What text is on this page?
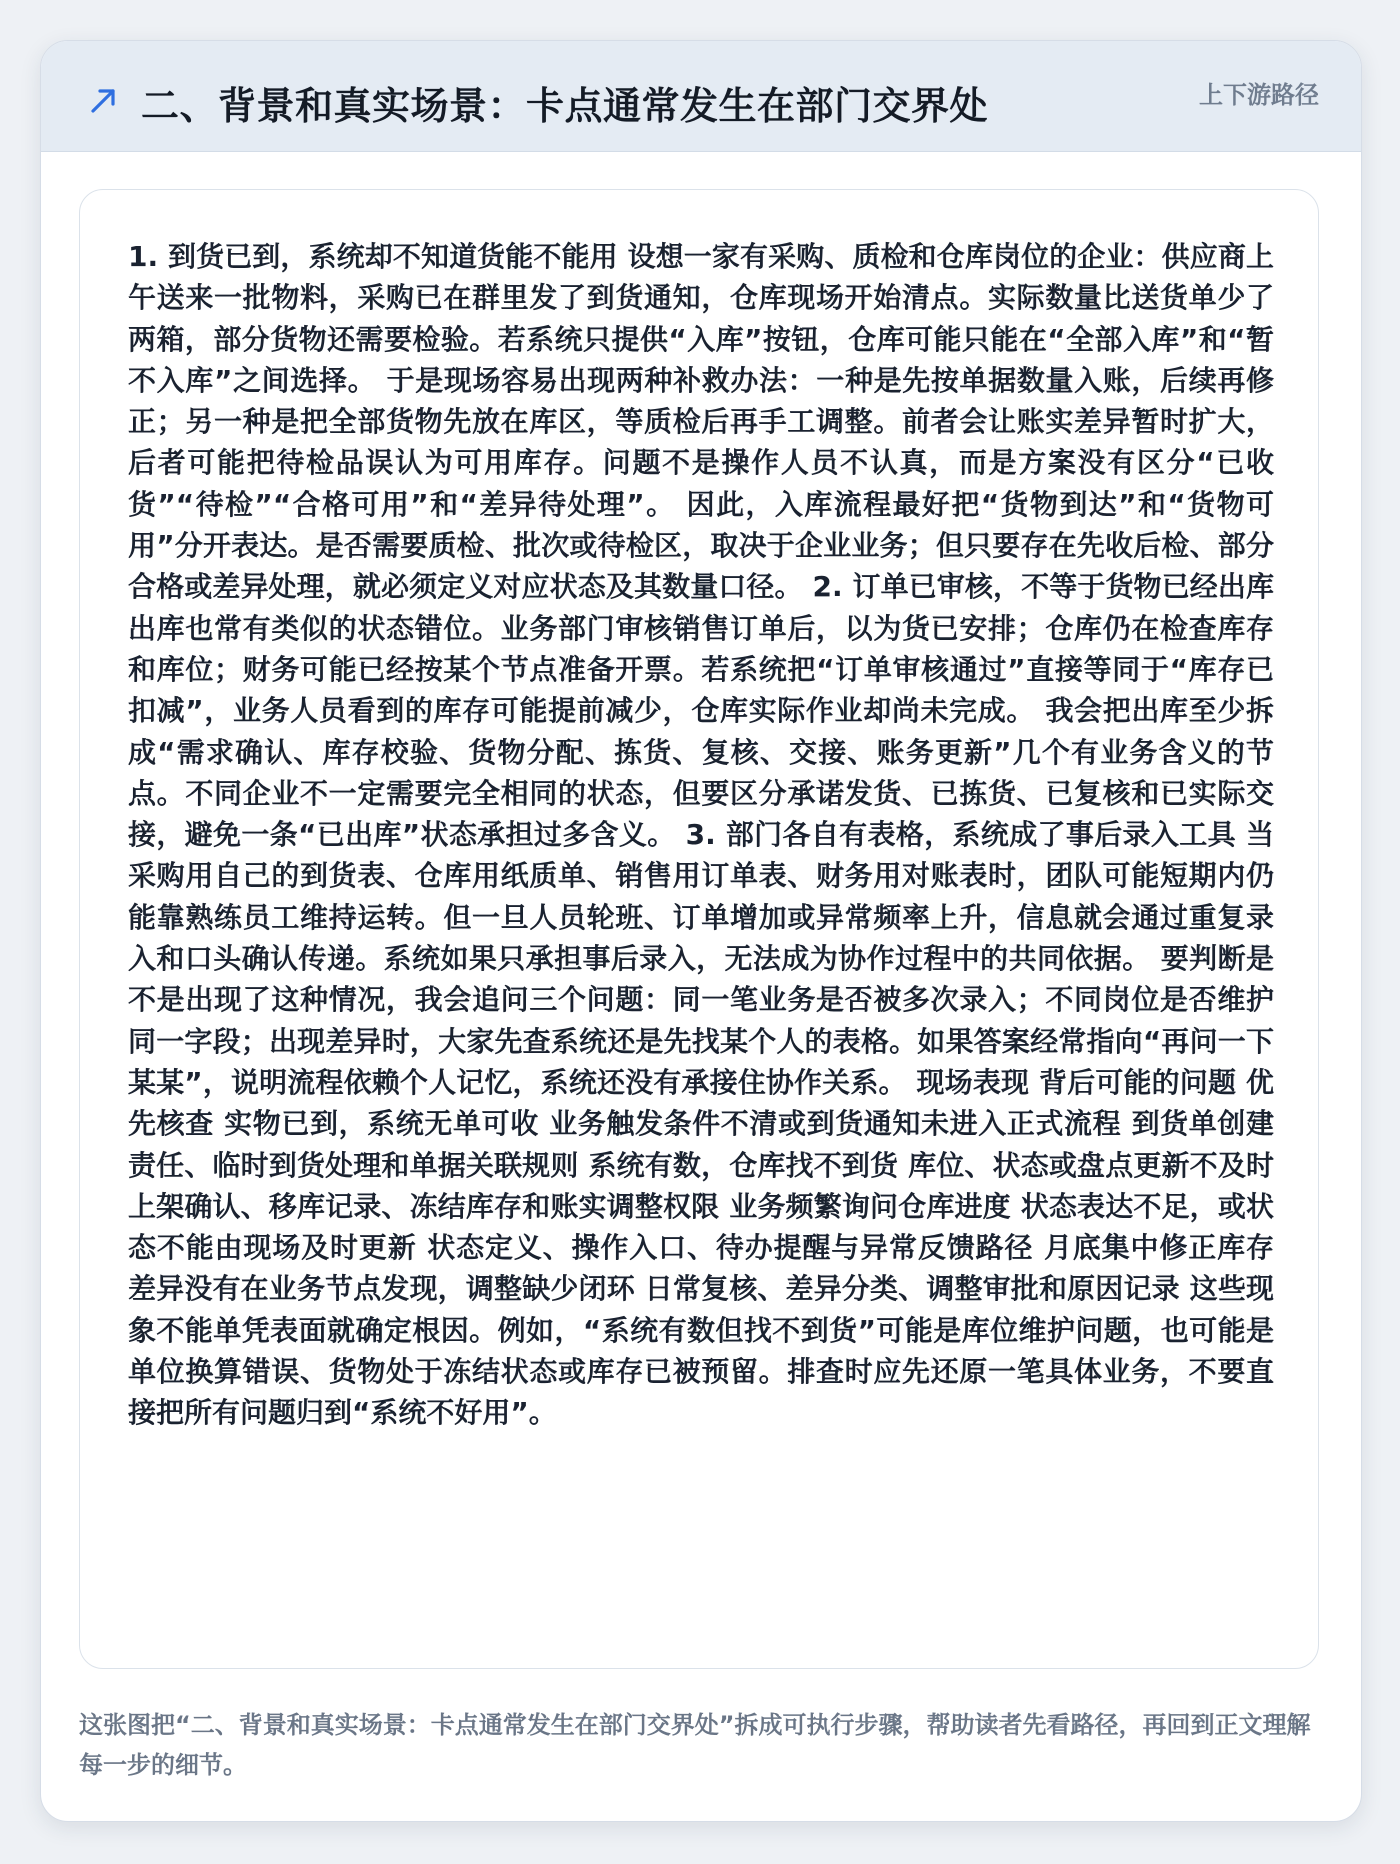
二、背景和真实场景：卡点通常发生在部门交界处	上下游路径
1. 到货已到，系统却不知道货能不能用 设想一家有采购、质检和仓库岗位的企业：供应商上午送来一批物料，采购已在群里发了到货通知，仓库现场开始清点。实际数量比送货单少了两箱，部分货物还需要检验。若系统只提供“入库”按钮，仓库可能只能在“全部入库”和“暂不入库”之间选择。 于是现场容易出现两种补救办法：一种是先按单据数量入账，后续再修正；另一种是把全部货物先放在库区，等质检后再手工调整。前者会让账实差异暂时扩大，后者可能把待检品误认为可用库存。问题不是操作人员不认真，而是方案没有区分“已收货”“待检”“合格可用”和“差异待处理”。 因此，入库流程最好把“货物到达”和“货物可用”分开表达。是否需要质检、批次或待检区，取决于企业业务；但只要存在先收后检、部分合格或差异处理，就必须定义对应状态及其数量口径。 2. 订单已审核，不等于货物已经出库 出库也常有类似的状态错位。业务部门审核销售订单后，以为货已安排；仓库仍在检查库存和库位；财务可能已经按某个节点准备开票。若系统把“订单审核通过”直接等同于“库存已扣减”，业务人员看到的库存可能提前减少，仓库实际作业却尚未完成。 我会把出库至少拆成“需求确认、库存校验、货物分配、拣货、复核、交接、账务更新”几个有业务含义的节点。不同企业不一定需要完全相同的状态，但要区分承诺发货、已拣货、已复核和已实际交接，避免一条“已出库”状态承担过多含义。 3. 部门各自有表格，系统成了事后录入工具 当采购用自己的到货表、仓库用纸质单、销售用订单表、财务用对账表时，团队可能短期内仍能靠熟练员工维持运转。但一旦人员轮班、订单增加或异常频率上升，信息就会通过重复录入和口头确认传递。系统如果只承担事后录入，无法成为协作过程中的共同依据。 要判断是不是出现了这种情况，我会追问三个问题：同一笔业务是否被多次录入；不同岗位是否维护同一字段；出现差异时，大家先查系统还是先找某个人的表格。如果答案经常指向“再问一下某某”，说明流程依赖个人记忆，系统还没有承接住协作关系。 现场表现 背后可能的问题 优先核查 实物已到，系统无单可收 业务触发条件不清或到货通知未进入正式流程 到货单创建责任、临时到货处理和单据关联规则 系统有数，仓库找不到货 库位、状态或盘点更新不及时 上架确认、移库记录、冻结库存和账实调整权限 业务频繁询问仓库进度 状态表达不足，或状态不能由现场及时更新 状态定义、操作入口、待办提醒与异常反馈路径 月底集中修正库存 差异没有在业务节点发现，调整缺少闭环 日常复核、差异分类、调整审批和原因记录 这些现象不能单凭表面就确定根因。例如，“系统有数但找不到货”可能是库位维护问题，也可能是单位换算错误、货物处于冻结状态或库存已被预留。排查时应先还原一笔具体业务，不要直接把所有问题归到“系统不好用”。
这张图把“二、背景和真实场景：卡点通常发生在部门交界处”拆成可执行步骤，帮助读者先看路径，再回到正文理解每一步的细节。
